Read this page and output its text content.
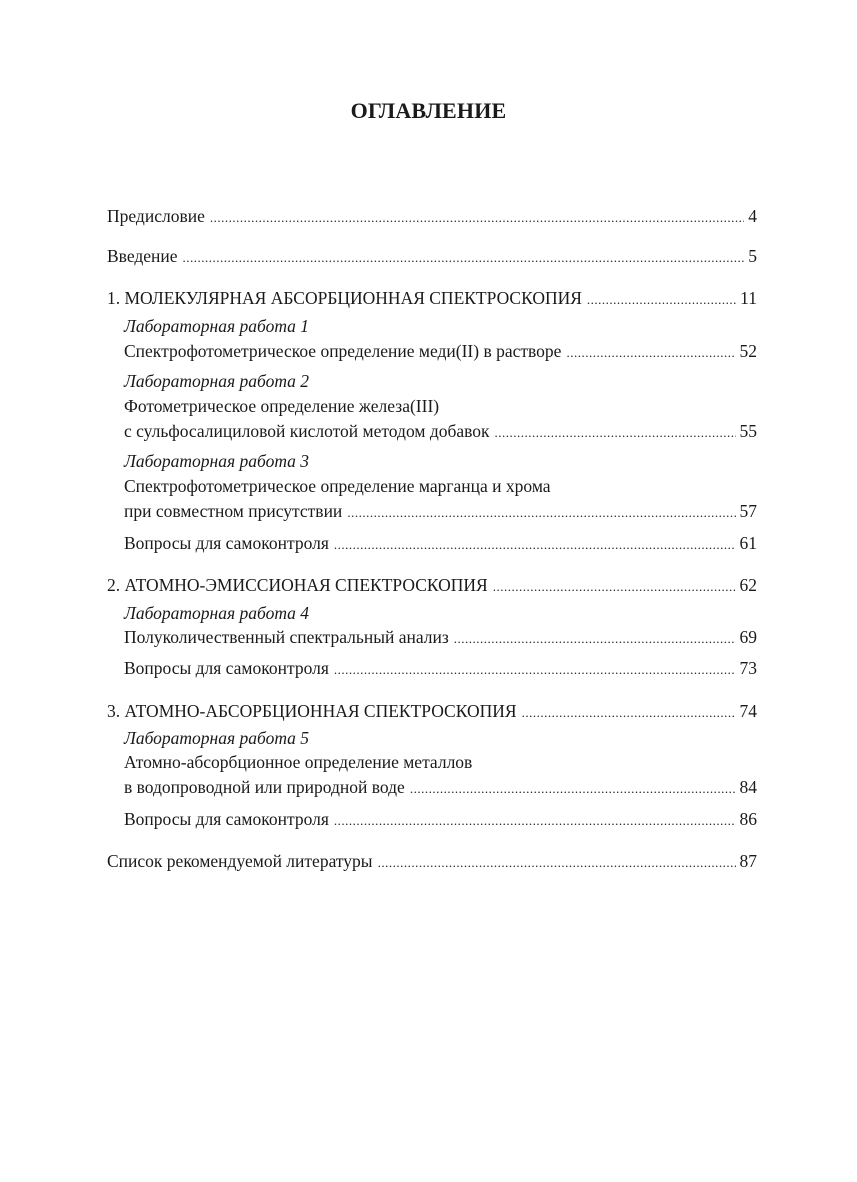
ОГЛАВЛЕНИЕ
Предисловие .....	4
Введение .....	5
1. МОЛЕКУЛЯРНАЯ АБСОРБЦИОННАЯ СПЕКТРОСКОПИЯ .....	11
Лабораторная работа 1
Спектрофотометрическое определение меди(II) в растворе .....	52
Лабораторная работа 2
Фотометрическое определение железа(III)
с сульфосалициловой кислотой методом добавок .....	55
Лабораторная работа 3
Спектрофотометрическое определение марганца и хрома
при совместном присутствии .....	57
Вопросы для самоконтроля .....	61
2. АТОМНО-ЭМИССИОНАЯ СПЕКТРОСКОПИЯ .....	62
Лабораторная работа 4
Полуколичественный спектральный анализ .....	69
Вопросы для самоконтроля .....	73
3. АТОМНО-АБСОРБЦИОННАЯ СПЕКТРОСКОПИЯ .....	74
Лабораторная работа 5
Атомно-абсорбционное определение металлов
в водопроводной или природной воде .....	84
Вопросы для самоконтроля .....	86
Список рекомендуемой литературы .....	87
